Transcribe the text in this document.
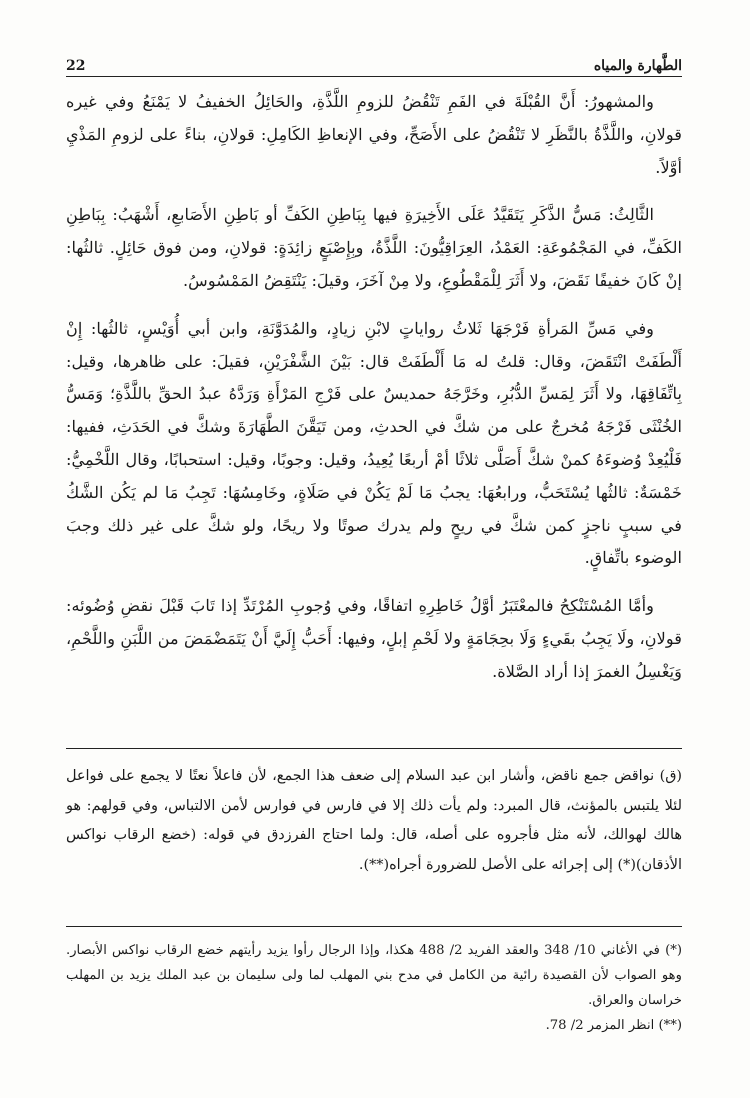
22	الطَّهارة والمياه

والمشهورُ: أَنَّ القُبْلَةَ في الفَمِ تَنْقُضُ للزومِ اللَّذَّةِ، والحَائِلُ الخفيفُ لا يَمْنَعُ وفي غيره قولانِ، واللَّذَّةُ بالنَّظَرِ لا تَنْقُضُ على الأَصَحِّ، وفي الإنعاظِ الكَامِلِ: قولانِ، بناءً على لزومِ المَذْيِ أوَّلاً.

الثَّالِثُ: مَسُّ الذَّكَرِ يَتَقَيَّدُ عَلَى الأَخِيرَةِ فيها بِبَاطِنِ الكَفِّ أو بَاطِنِ الأَصَابعِ، أَشْهَبُ: بِبَاطِنِ الكَفِّ، في المَجْمُوعَةِ: العَمْدُ، العِرَاقِيُّونَ: اللَّذَّةُ، وبِإِصْبَعٍ زائِدَةٍ: قولانِ، ومن فوق حَائِلٍ. ثالثُها: إنْ كَانَ خفيفًا نَقَضَ، ولا أَثَرَ لِلْمَقْطُوعِ، ولا مِنْ آخَرَ، وقيلَ: يَنْتَقِضُ المَمْسُوسُ.

وفي مَسِّ المَرأةِ فَرْجَهَا ثَلاثُ رواياتٍ لابْنِ زيادٍ، والمُدَوَّنَةِ، وابن أبي أُوَيْسٍ، ثالثُها: إِنْ أَلْطَفَتْ انْتَقَضَ، وقال: قلتُ له مَا أَلْطَفَتْ قال: بَيْنَ الشَّفْرَيْنِ، فقيلَ: على ظاهرها، وقيل: بِاتِّفَاقِهَا، ولا أَثَرَ لِمَسِّ الدُّبُرِ، وخَرَّجَهُ حمديسٌ على فَرْجِ المَرْأَةِ وَرَدَّهُ عبدُ الحقِّ باللَّذَّةِ؛ وَمَسُّ الخُنْثَى فَرْجَهُ مُخرجٌ على من شكَّ في الحدثِ، ومن تَيَقَّنَ الطَّهَارَةَ وشكَّ في الحَدَثِ، ففيها: فَلْيُعِدْ وُضوءَهُ كمنْ شكَّ أَصَلَّى ثلاثًا أمْ أربعًا يُعِيدُ، وقيل: وجوبًا، وقيل: استحبابًا، وقال اللَّخْمِيُّ: خَمْسَةٌ: ثالثُها يُسْتَحَبُّ، ورابعُهَا: يجبُ مَا لَمْ يَكُنْ في صَلَاةٍ، وخَامِسُهَا: تَجِبُ مَا لم يَكُن الشَّكُ في سببٍ ناجزٍ كمن شكَّ في ريحٍ ولم يدرك صوتًا ولا ريحًا، ولو شكَّ على غير ذلك وجبَ الوضوء باتِّفاقٍ.

وأمَّا المُسْتَنْكِحُ فالمعْتَبَرُ أوَّلُ خَاطِرِهِ اتفاقًا، وفي وُجوبِ المُرْتَدِّ إذا تَابَ قَبْلَ نقضِ وُضُوئه: قولانِ، ولَا يَجِبُ بقَيءٍ وَلَا بحِجَامَةٍ ولا لَحْمِ إبلٍ، وفيها: أَحَبُّ إِلَيَّ أَنْ يَتَمَضْمَضَ من اللَّبَنِ واللَّحْمِ، وَيَغْسِلُ الغمرَ إذا أراد الصَّلاة.

(ق) نواقض جمع ناقض، وأشار ابن عبد السلام إلى ضعف هذا الجمع، لأن فاعلاً نعتًا لا يجمع على فواعل لئلا يلتبس بالمؤنث، قال المبرد: ولم يأت ذلك إلا في فارس في فوارس لأمن الالتباس، وفي قولهم: هو هالك لهوالك، لأنه مثل فأجروه على أصله، قال: ولما احتاج الفرزدق في قوله: (خضع الرقاب نواكس الأذقان)(*) إلى إجرائه على الأصل للضرورة أجراه(**).

(*) في الأغاني 10/ 348 والعقد الفريد 2/ 488 هكذا، وإذا الرجال رأوا يزيد رأيتهم خضع الرقاب نواكس الأبصار. وهو الصواب لأن القصيدة رائية من الكامل في مدح بني المهلب لما ولى سليمان بن عبد الملك يزيد بن المهلب خراسان والعراق.

(**) انظر المزمر 2/ 78.
